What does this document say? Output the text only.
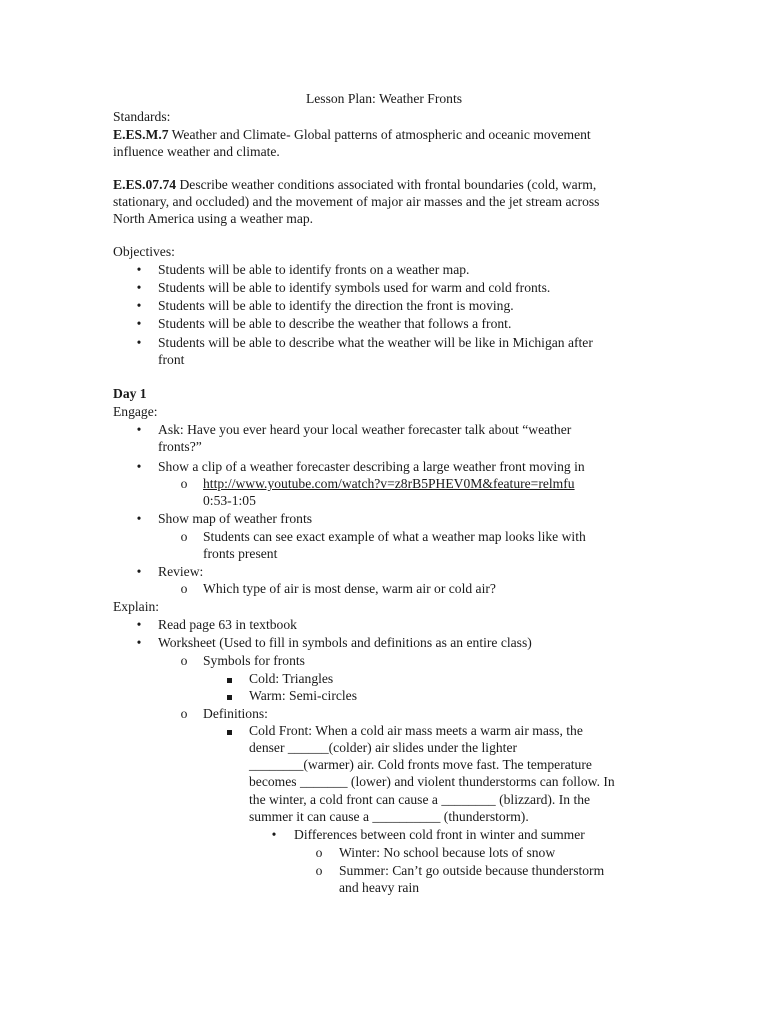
Lesson Plan: Weather Fronts
Standards:
E.ES.M.7 Weather and Climate- Global patterns of atmospheric and oceanic movement
influence weather and climate.
E.ES.07.74 Describe weather conditions associated with frontal boundaries (cold, warm,
stationary, and occluded) and the movement of major air masses and the jet stream across
North America using a weather map.
Objectives:
• Students will be able to identify fronts on a weather map.
• Students will be able to identify symbols used for warm and cold fronts.
• Students will be able to identify the direction the front is moving.
• Students will be able to describe the weather that follows a front.
• Students will be able to describe what the weather will be like in Michigan after
front
Day 1
Engage:
• Ask: Have you ever heard your local weather forecaster talk about “weather
fronts?”
• Show a clip of a weather forecaster describing a large weather front moving in
o http://www.youtube.com/watch?v=z8rB5PHEV0M&feature=relmfu
0:53-1:05
• Show map of weather fronts
o Students can see exact example of what a weather map looks like with
fronts present
• Review:
o Which type of air is most dense, warm air or cold air?
Explain:
• Read page 63 in textbook
• Worksheet (Used to fill in symbols and definitions as an entire class)
o Symbols for fronts
Cold: Triangles
Warm: Semi-circles
o Definitions:
Cold Front: When a cold air mass meets a warm air mass, the
denser ______(colder) air slides under the lighter
________(warmer) air. Cold fronts move fast. The temperature
becomes _______ (lower) and violent thunderstorms can follow. In
the winter, a cold front can cause a ________ (blizzard). In the
summer it can cause a __________ (thunderstorm).
• Differences between cold front in winter and summer
o Winter: No school because lots of snow
o Summer: Can’t go outside because thunderstorm
and heavy rain
